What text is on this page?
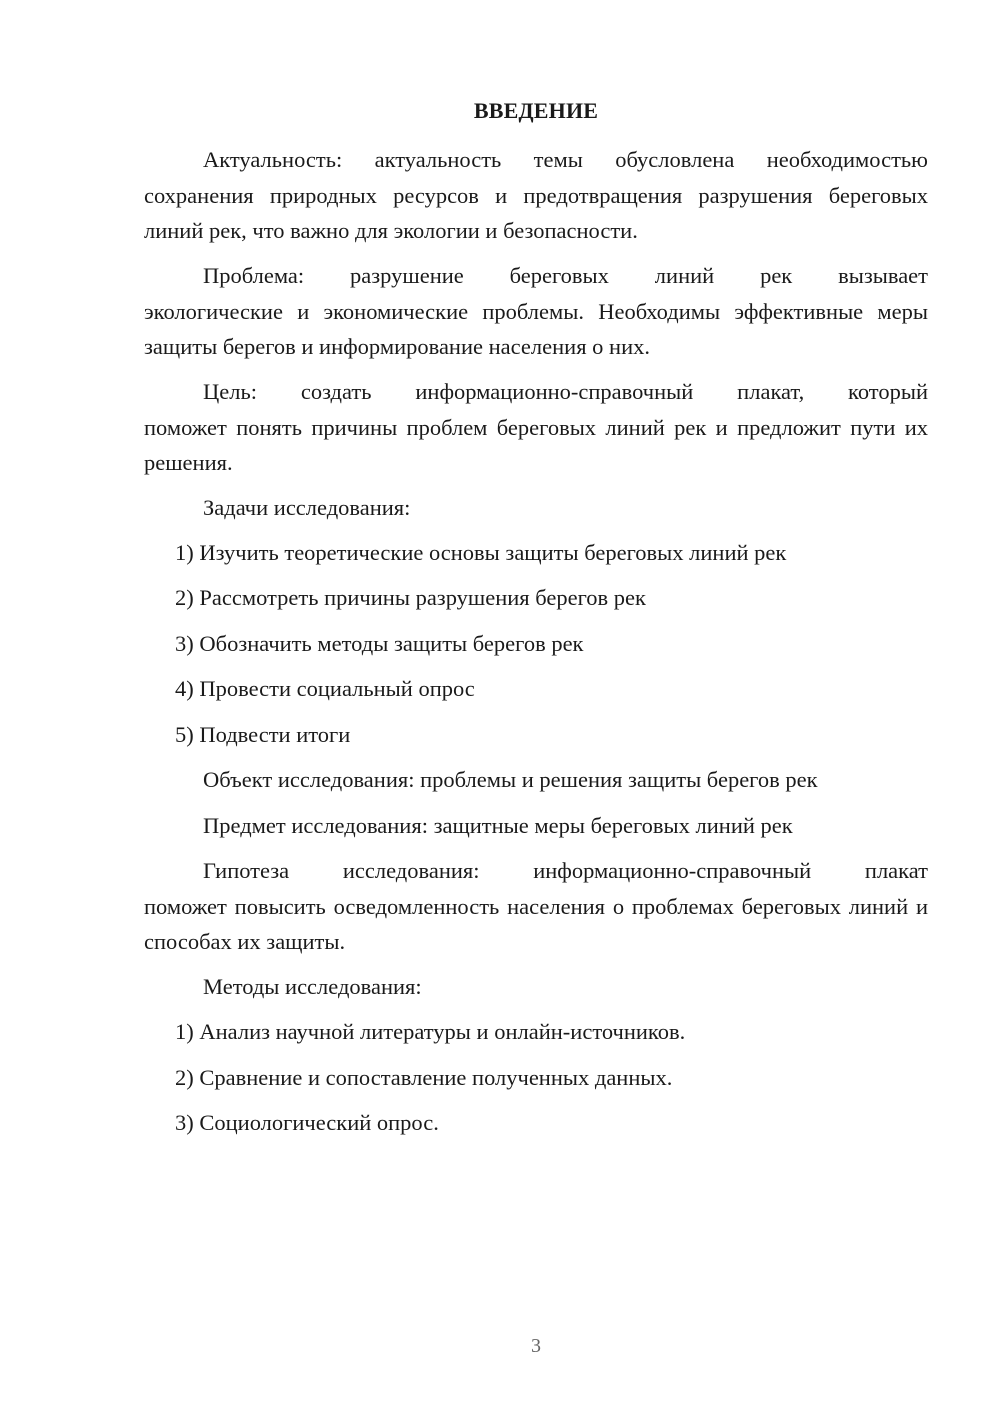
ВВЕДЕНИЕ
Актуальность: актуальность темы обусловлена необходимостью
сохранения природных ресурсов и предотвращения разрушения береговых линий рек, что важно для экологии и безопасности.
Проблема: разрушение береговых линий рек вызывает
экологические и экономические проблемы. Необходимы эффективные меры защиты берегов и информирование населения о них.
Цель: создать информационно-справочный плакат, который
поможет понять причины проблем береговых линий рек и предложит пути их решения.
Задачи исследования:
1) Изучить теоретические основы защиты береговых линий рек
2) Рассмотреть причины разрушения берегов рек
3) Обозначить методы защиты берегов рек
4) Провести социальный опрос
5) Подвести итоги
Объект исследования: проблемы и решения защиты берегов рек
Предмет исследования: защитные меры береговых линий рек
Гипотеза исследования: информационно-справочный плакат
поможет повысить осведомленность населения о проблемах береговых линий и способах их защиты.
Методы исследования:
1) Анализ научной литературы и онлайн-источников.
2) Сравнение и сопоставление полученных данных.
3) Социологический опрос.
3
